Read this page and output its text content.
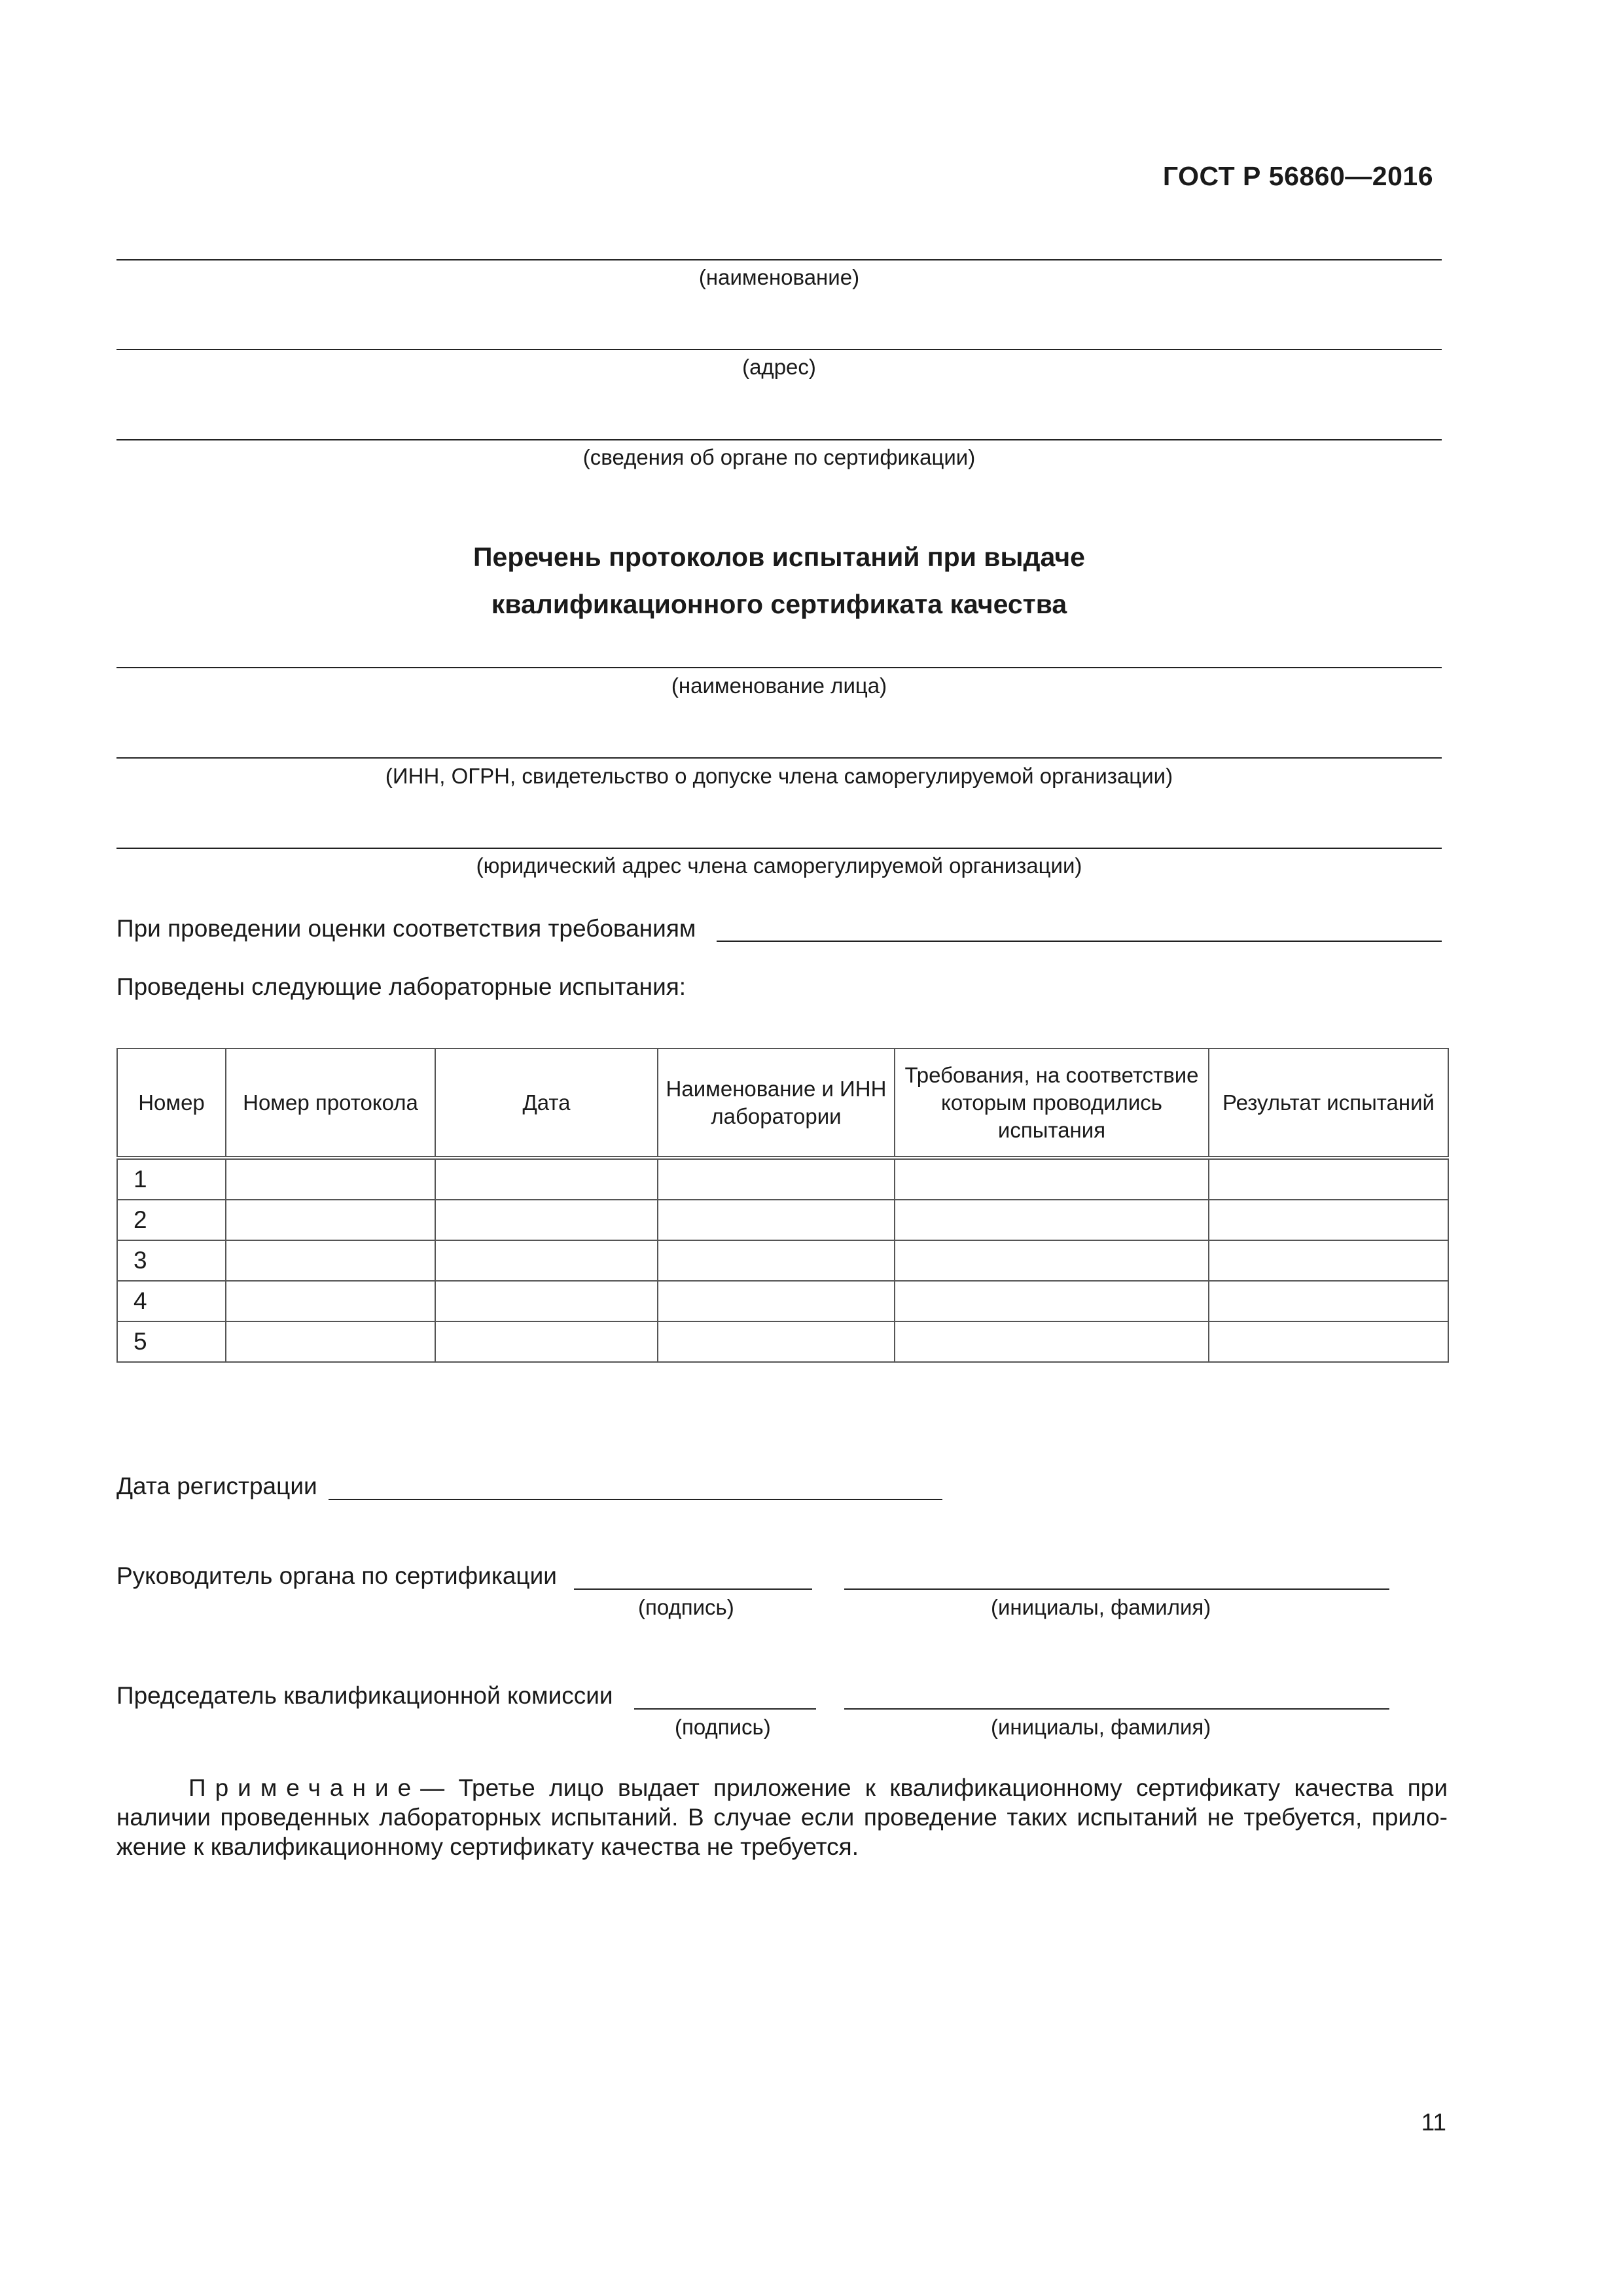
ГОСТ Р 56860—2016
(наименование)
(адрес)
(сведения об органе по сертификации)
Перечень протоколов испытаний при выдаче
квалификационного сертификата качества
(наименование лица)
(ИНН, ОГРН, свидетельство о допуске члена саморегулируемой организации)
(юридический адрес члена саморегулируемой организации)
При проведении оценки соответствия требованиям
Проведены следующие лабораторные испытания:
Номер	Номер протокола	Дата	Наименование и ИНН лаборатории	Требования, на соответствие которым проводились испытания	Результат испытаний
1					
2					
3					
4					
5					
Дата регистрации
Руководитель органа по сертификации
(подпись)	(инициалы, фамилия)
Председатель квалификационной комиссии
(подпись)	(инициалы, фамилия)
Примечание— Третье лицо выдает приложение к квалификационному сертификату качества при наличии проведенных лабораторных испытаний. В случае если проведение таких испытаний не требуется, прило-жение к квалификационному сертификату качества не требуется.
11
